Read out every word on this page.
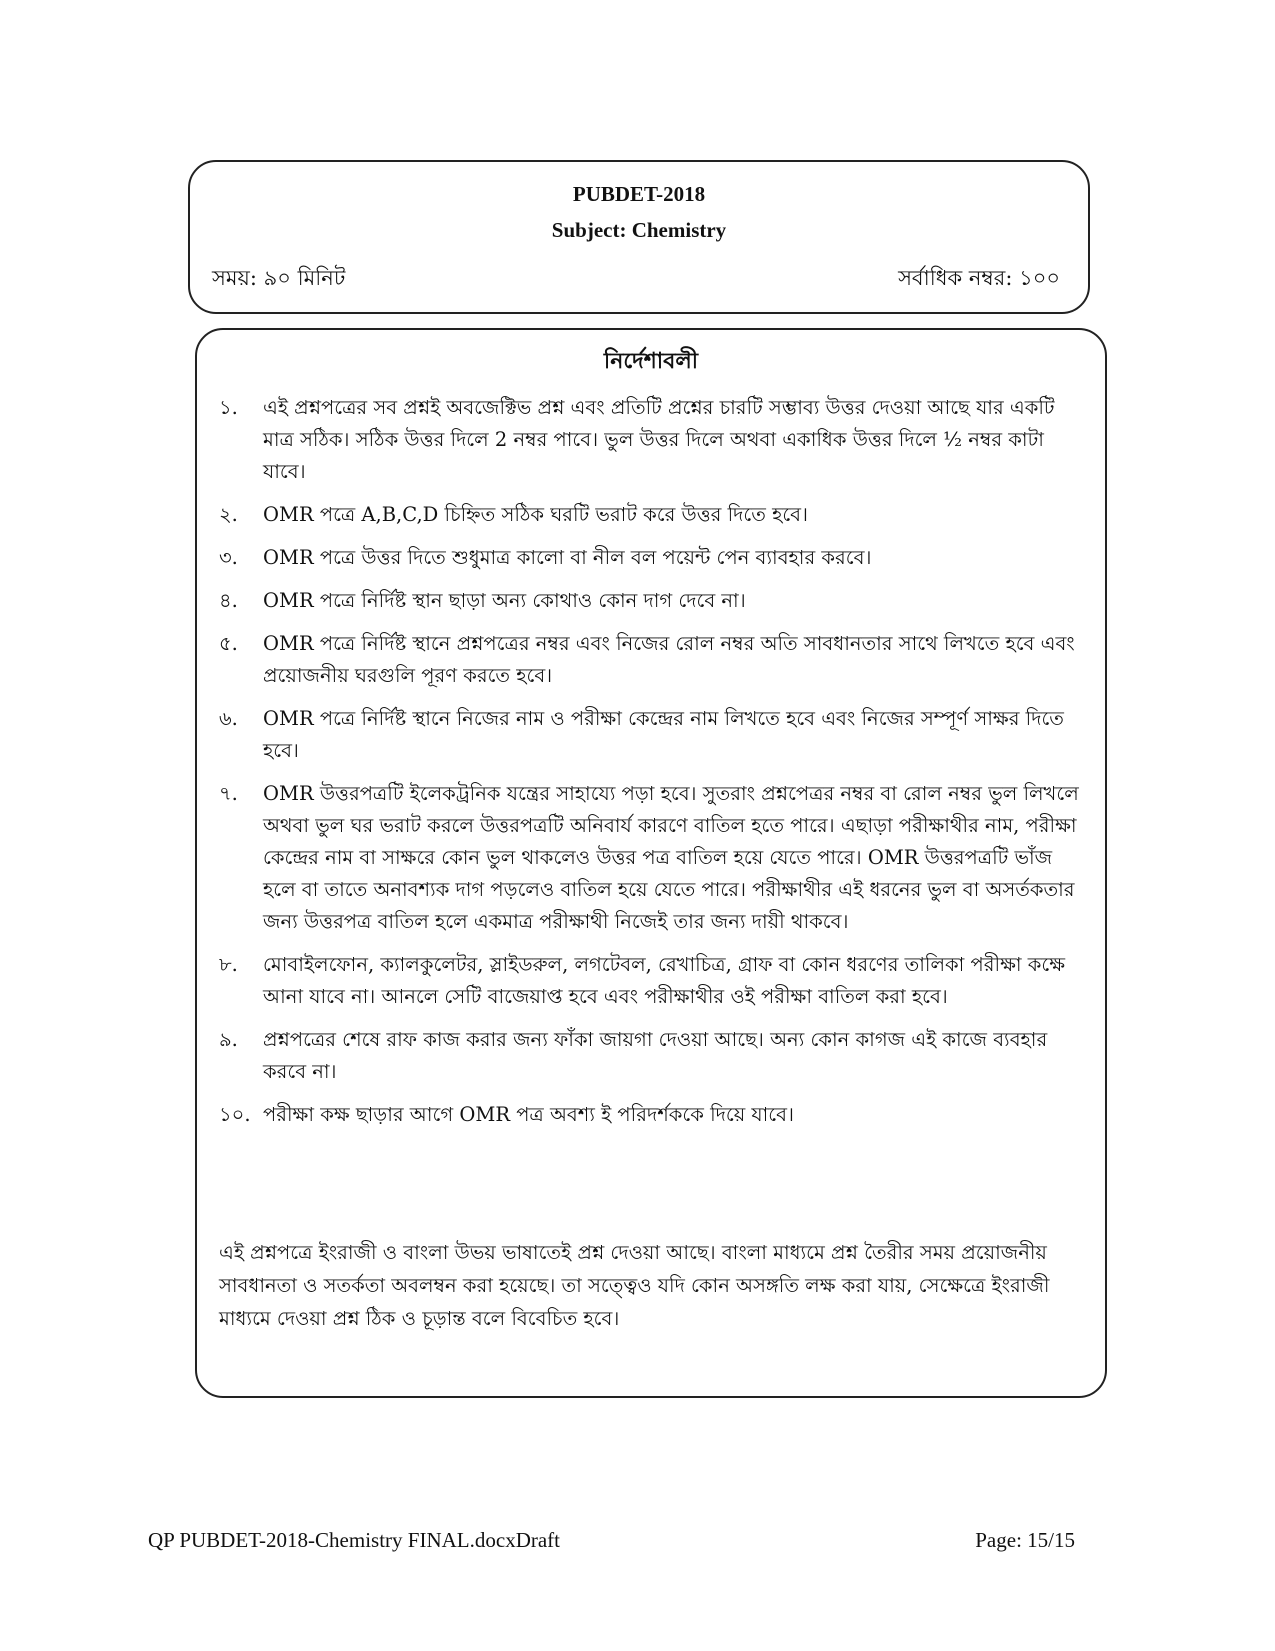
PUBDET-2018
Subject: Chemistry
সময়: ৯০ মিনিট	সর্বাধিক নম্বর: ১০০
নির্দেশাবলী
১. এই প্রশ্নপত্রের সব প্রশ্নই অবজেক্টিভ প্রশ্ন এবং প্রতিটি প্রশ্নের চারটি সম্ভাব্য উত্তর দেওয়া আছে যার একটি মাত্র সঠিক। সঠিক উত্তর দিলে 2 নম্বর পাবে। ভুল উত্তর দিলে অথবা একাধিক উত্তর দিলে ½ নম্বর কাটা যাবে।
২. OMR পত্রে A,B,C,D চিহ্নিত সঠিক ঘরটি ভরাট করে উত্তর দিতে হবে।
৩. OMR পত্রে উত্তর দিতে শুধুমাত্র কালো বা নীল বল পয়েন্ট পেন ব্যাবহার করবে।
৪. OMR পত্রে নির্দিষ্ট স্থান ছাড়া অন্য কোথাও কোন দাগ দেবে না।
৫. OMR পত্রে নির্দিষ্ট স্থানে প্রশ্নপত্রের নম্বর এবং নিজের রোল নম্বর অতি সাবধানতার সাথে লিখতে হবে এবং প্রয়োজনীয় ঘরগুলি পূরণ করতে হবে।
৬. OMR পত্রে নির্দিষ্ট স্থানে নিজের নাম ও পরীক্ষা কেন্দ্রের নাম লিখতে হবে এবং নিজের সম্পূর্ণ সাক্ষর দিতে হবে।
৭. OMR উত্তরপত্রটি ইলেকট্রনিক যন্ত্রের সাহায্যে পড়া হবে। সুতরাং প্রশ্নপেত্রর নম্বর বা রোল নম্বর ভুল লিখলে অথবা ভুল ঘর ভরাট করলে উত্তরপত্রটি অনিবার্য কারণে বাতিল হতে পারে। এছাড়া পরীক্ষাথীর নাম, পরীক্ষা কেন্দ্রের নাম বা সাক্ষরে কোন ভুল থাকলেও উত্তর পত্র বাতিল হয়ে যেতে পারে। OMR উত্তরপত্রটি ভাঁজ হলে বা তাতে অনাবশ্যক দাগ পড়লেও বাতিল হয়ে যেতে পারে। পরীক্ষাথীর এই ধরনের ভুল বা অসর্তকতার জন্য উত্তরপত্র বাতিল হলে একমাত্র পরীক্ষাথী নিজেই তার জন্য দায়ী থাকবে।
৮. মোবাইলফোন, ক্যালকুলেটর, স্লাইডরুল, লগটেবল, রেখাচিত্র, গ্রাফ বা কোন ধরণের তালিকা পরীক্ষা কক্ষে আনা যাবে না। আনলে সেটি বাজেয়াপ্ত হবে এবং পরীক্ষাথীর ওই পরীক্ষা বাতিল করা হবে।
৯. প্রশ্নপত্রের শেষে রাফ কাজ করার জন্য ফাঁকা জায়গা দেওয়া আছে। অন্য কোন কাগজ এই কাজে ব্যবহার করবে না।
১০. পরীক্ষা কক্ষ ছাড়ার আগে OMR পত্র অবশ্য ই পরিদর্শককে দিয়ে যাবে।
এই প্রশ্নপত্রে ইংরাজী ও বাংলা উভয় ভাষাতেই প্রশ্ন দেওয়া আছে। বাংলা মাধ্যমে প্রশ্ন তৈরীর সময় প্রয়োজনীয় সাবধানতা ও সতর্কতা অবলম্বন করা হয়েছে। তা সত্ত্বেও যদি কোন অসঙ্গতি লক্ষ করা যায়, সেক্ষেত্রে ইংরাজী মাধ্যমে দেওয়া প্রশ্ন ঠিক ও চূড়ান্ত বলে বিবেচিত হবে।
QP PUBDET-2018-Chemistry FINAL.docxDraft	Page: 15/15
